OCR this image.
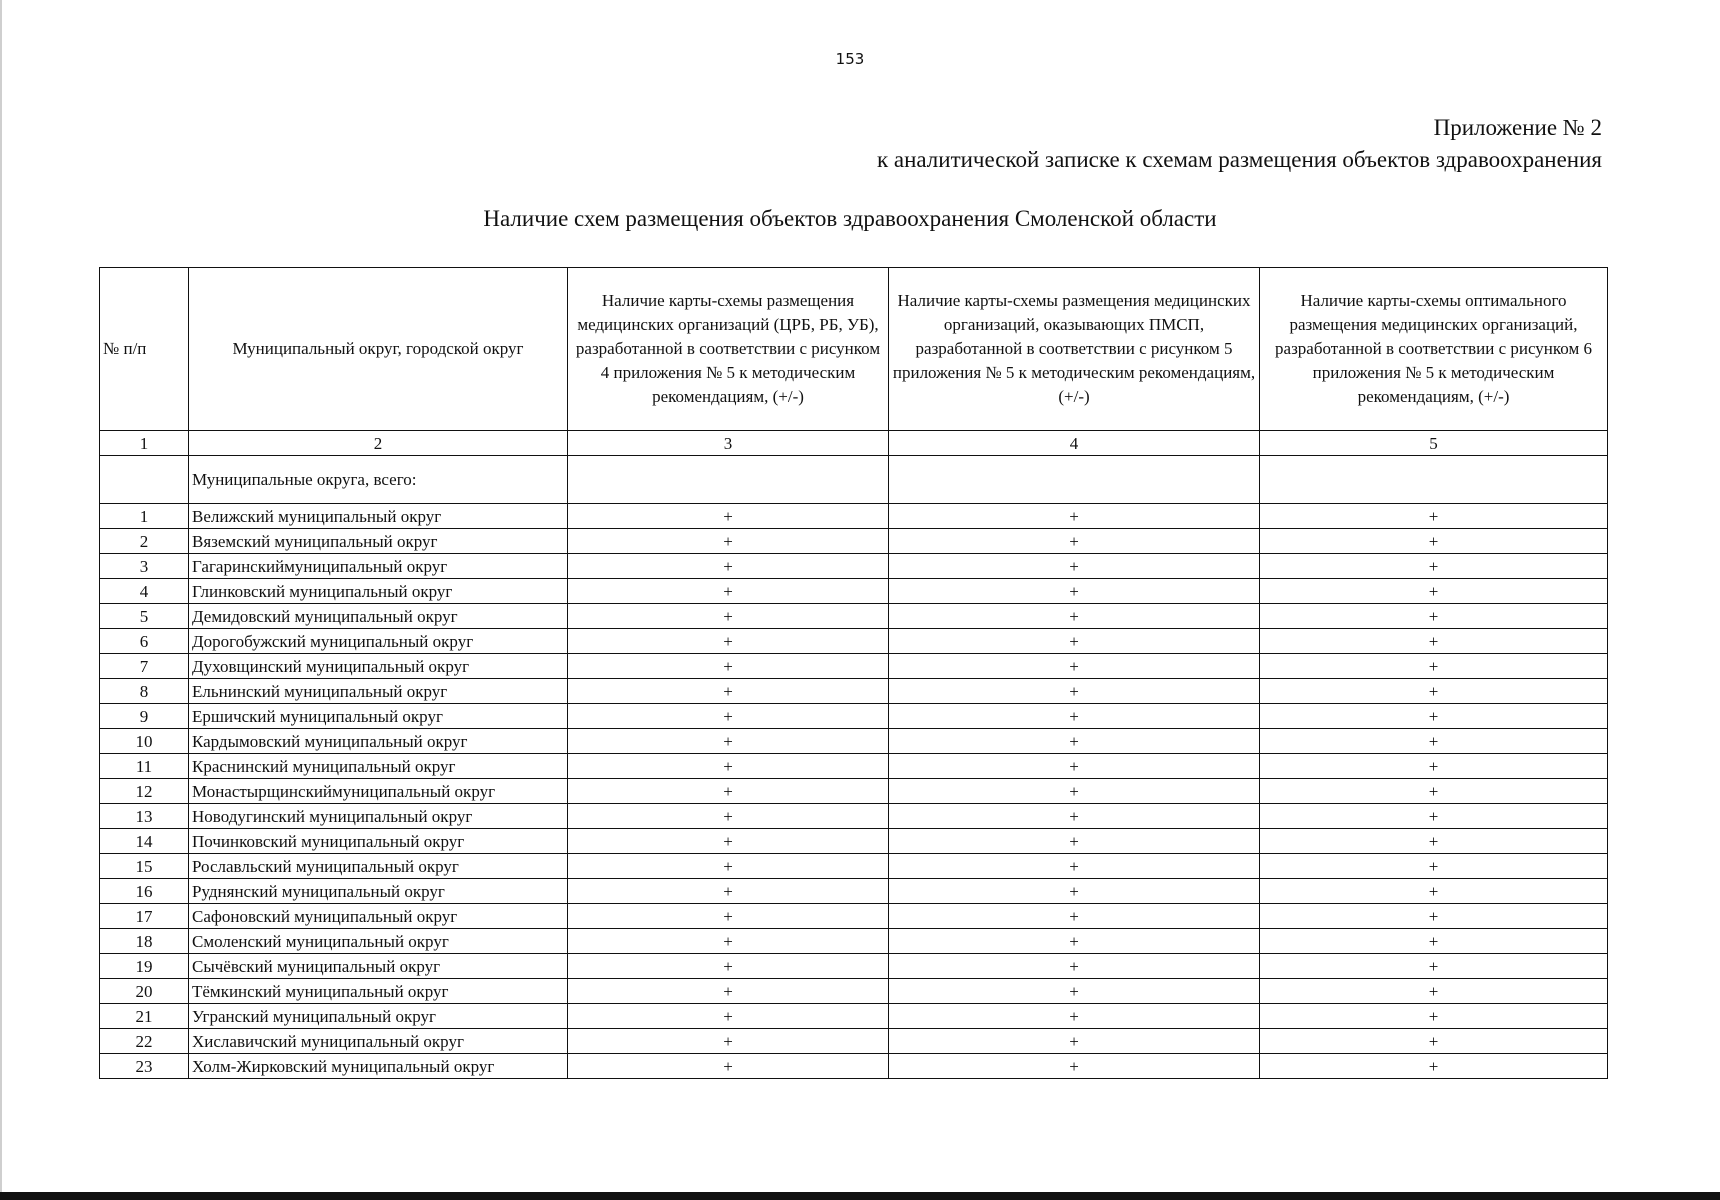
153
Приложение № 2
к аналитической записке к схемам размещения объектов здравоохранения
Наличие схем размещения объектов здравоохранения Смоленской области
№ п/п	Муниципальный округ, городской округ	Наличие карты-схемы размещения медицинских организаций (ЦРБ, РБ, УБ), разработанной в соответствии с рисунком 4 приложения № 5 к методическим рекомендациям, (+/-)	Наличие карты-схемы размещения медицинских организаций, оказывающих ПМСП, разработанной в соответствии с рисунком 5 приложения № 5 к методическим рекомендациям, (+/-)	Наличие карты-схемы оптимального размещения медицинских организаций, разработанной в соответствии с рисунком 6 приложения № 5 к методическим рекомендациям, (+/-)
1	2	3	4	5
	Муниципальные округа, всего:			
1	Велижский муниципальный округ	+	+	+
2	Вяземский муниципальный округ	+	+	+
3	Гагаринскиймуниципальный округ	+	+	+
4	Глинковский муниципальный округ	+	+	+
5	Демидовский муниципальный округ	+	+	+
6	Дорогобужский муниципальный округ	+	+	+
7	Духовщинский муниципальный округ	+	+	+
8	Ельнинский муниципальный округ	+	+	+
9	Ершичский муниципальный округ	+	+	+
10	Кардымовский муниципальный округ	+	+	+
11	Краснинский муниципальный округ	+	+	+
12	Монастырщинскиймуниципальный округ	+	+	+
13	Новодугинский муниципальный округ	+	+	+
14	Починковский муниципальный округ	+	+	+
15	Рославльский муниципальный округ	+	+	+
16	Руднянский муниципальный округ	+	+	+
17	Сафоновский муниципальный округ	+	+	+
18	Смоленский муниципальный округ	+	+	+
19	Сычёвский муниципальный округ	+	+	+
20	Тёмкинский муниципальный округ	+	+	+
21	Угранский муниципальный округ	+	+	+
22	Хиславичский муниципальный округ	+	+	+
23	Холм-Жирковский муниципальный округ	+	+	+
